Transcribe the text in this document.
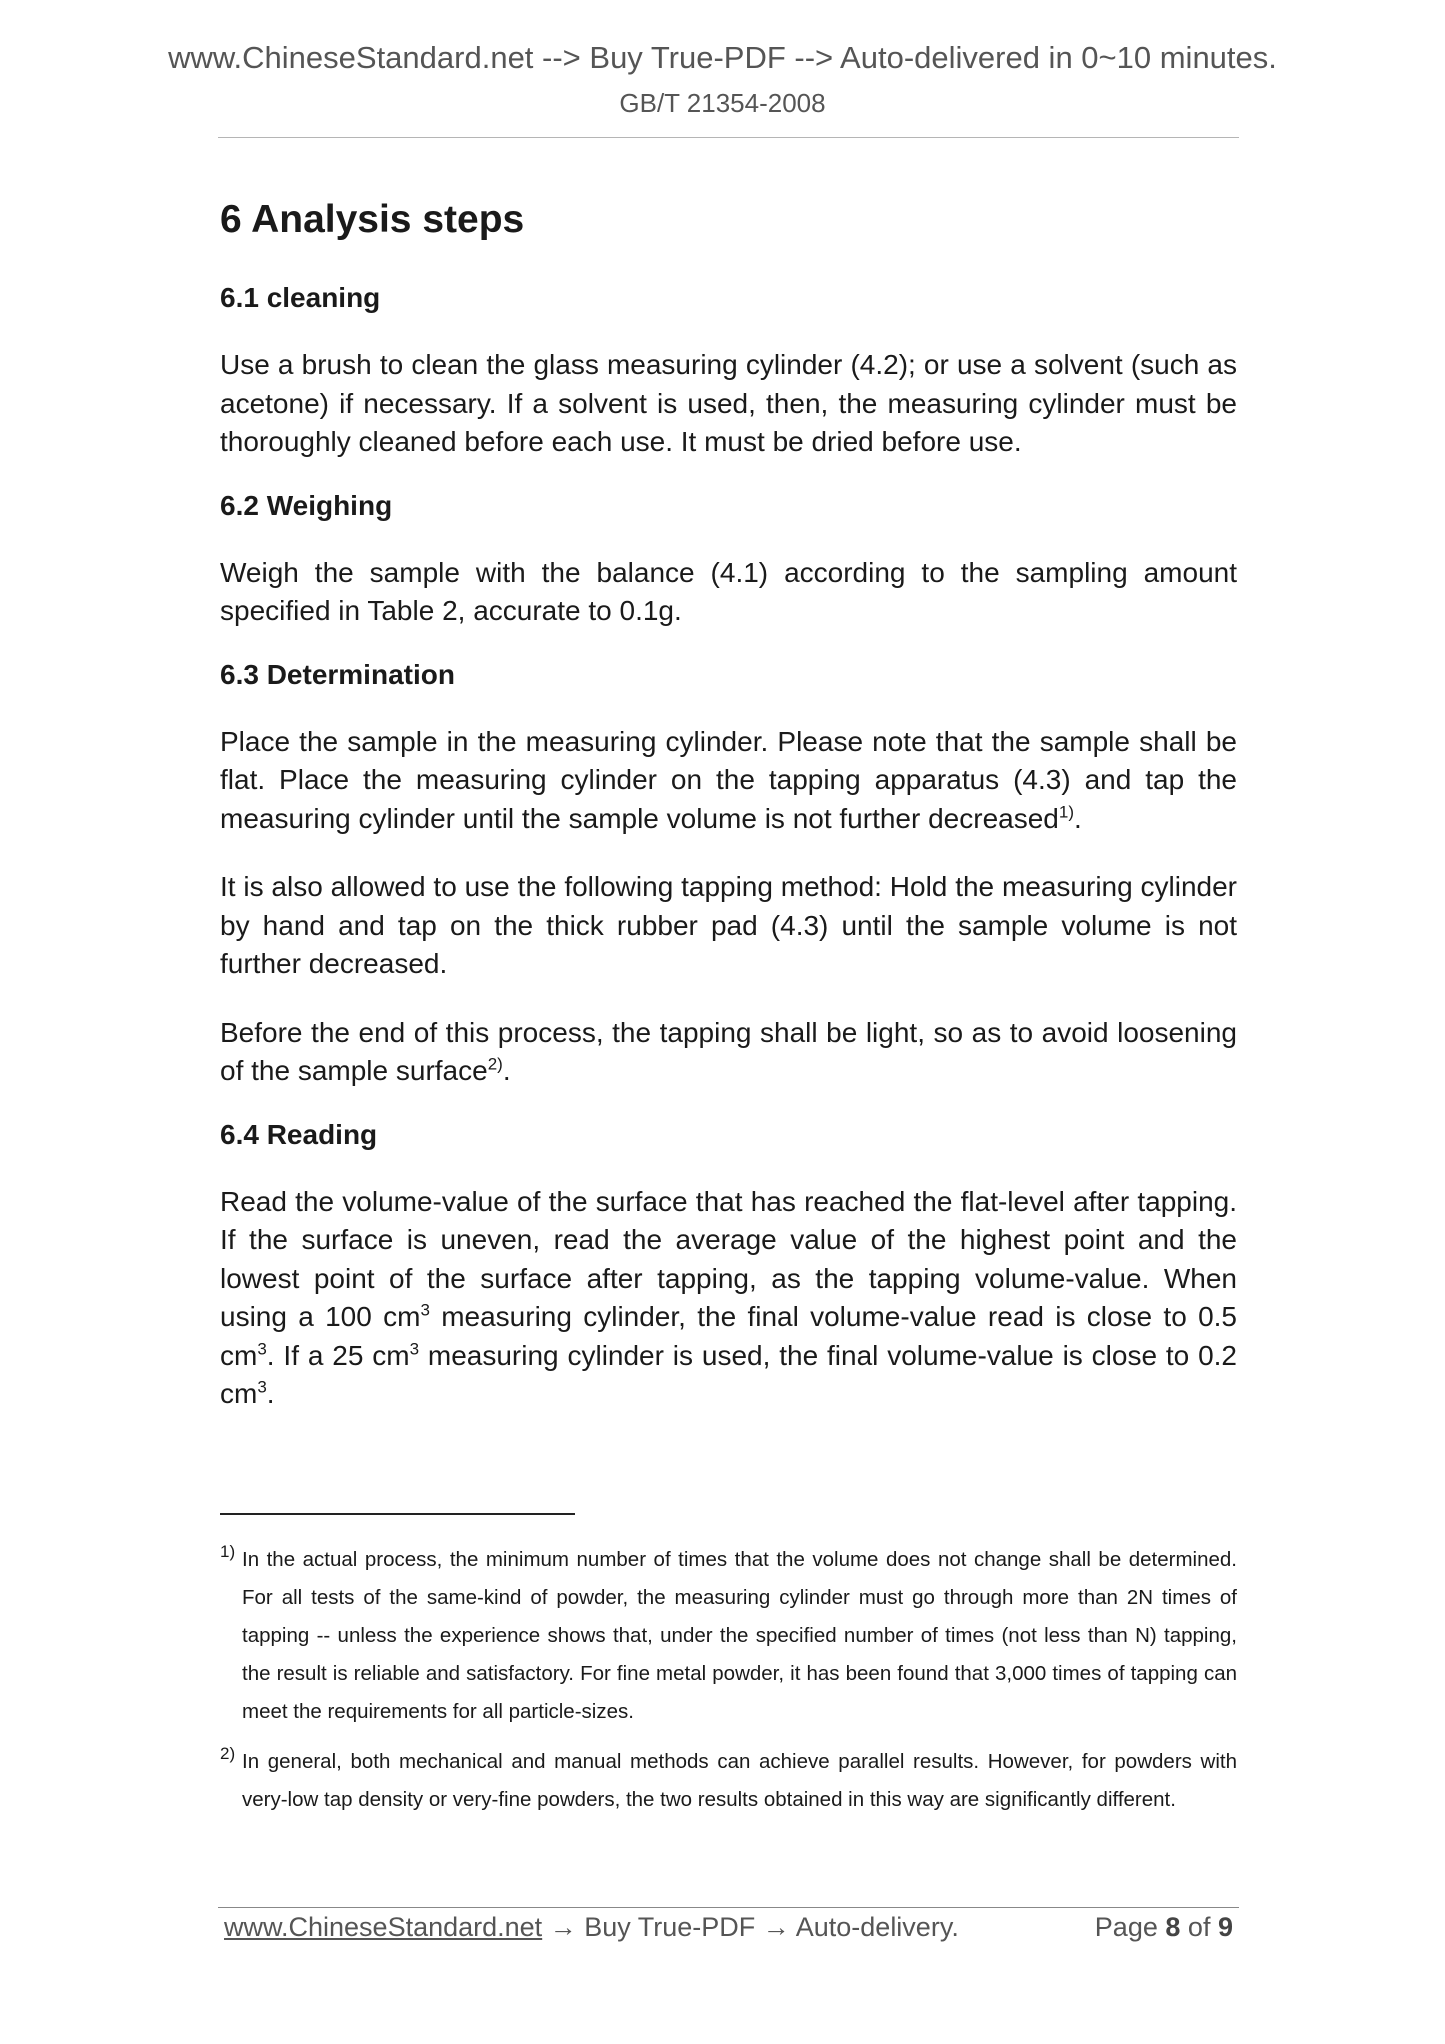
www.ChineseStandard.net --> Buy True-PDF --> Auto-delivered in 0~10 minutes.
GB/T 21354-2008
6 Analysis steps
6.1 cleaning

Use a brush to clean the glass measuring cylinder (4.2); or use a solvent (such as acetone) if necessary. If a solvent is used, then, the measuring cylinder must be thoroughly cleaned before each use. It must be dried before use.

6.2 Weighing

Weigh the sample with the balance (4.1) according to the sampling amount specified in Table 2, accurate to 0.1g.

6.3 Determination

Place the sample in the measuring cylinder. Please note that the sample shall be flat. Place the measuring cylinder on the tapping apparatus (4.3) and tap the measuring cylinder until the sample volume is not further decreased$^{1)}$.

It is also allowed to use the following tapping method: Hold the measuring cylinder by hand and tap on the thick rubber pad (4.3) until the sample volume is not further decreased.

Before the end of this process, the tapping shall be light, so as to avoid loosening of the sample surface$^{2)}$.

6.4 Reading

Read the volume-value of the surface that has reached the flat-level after tapping. If the surface is uneven, read the average value of the highest point and the lowest point of the surface after tapping, as the tapping volume-value. When using a 100 $cm^3$ measuring cylinder, the final volume-value read is close to 0.5 $cm^3$. If a 25 $cm^3$ measuring cylinder is used, the final volume-value is close to 0.2 $cm^3$.

1) In the actual process, the minimum number of times that the volume does not change shall be determined. For all tests of the same-kind of powder, the measuring cylinder must go through more than 2N times of tapping -- unless the experience shows that, under the specified number of times (not less than N) tapping, the result is reliable and satisfactory. For fine metal powder, it has been found that 3,000 times of tapping can meet the requirements for all particle-sizes.
2) In general, both mechanical and manual methods can achieve parallel results. However, for powders with very-low tap density or very-fine powders, the two results obtained in this way are significantly different.
www.ChineseStandard.net → Buy True-PDF → Auto-delivery.	Page 8 of 9
